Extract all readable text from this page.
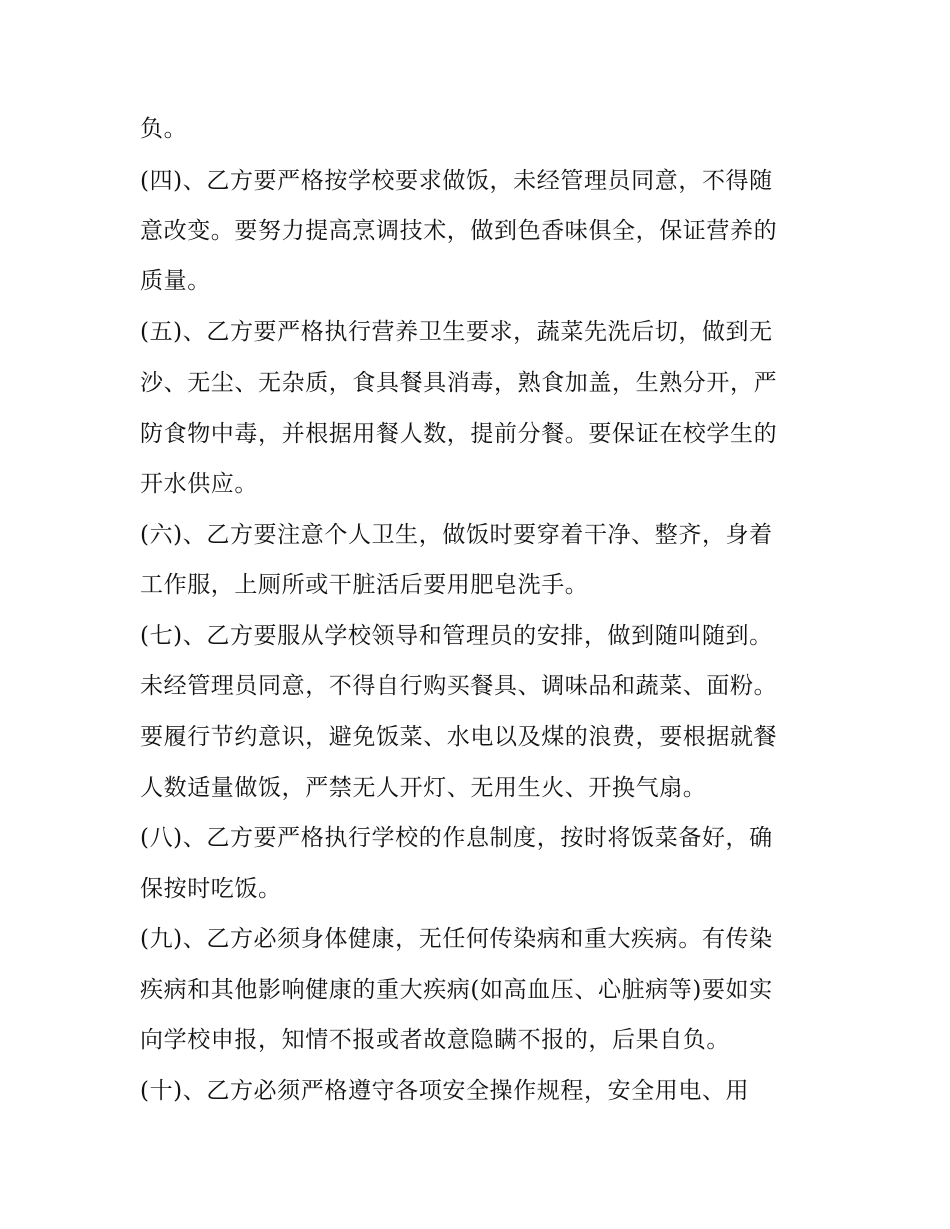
负。
(四)、乙方要严格按学校要求做饭，未经管理员同意，不得随
意改变。要努力提高烹调技术，做到色香味俱全，保证营养的
质量。
(五)、乙方要严格执行营养卫生要求，蔬菜先洗后切，做到无
沙、无尘、无杂质，食具餐具消毒，熟食加盖，生熟分开，严
防食物中毒，并根据用餐人数，提前分餐。要保证在校学生的
开水供应。
(六)、乙方要注意个人卫生，做饭时要穿着干净、整齐，身着
工作服，上厕所或干脏活后要用肥皂洗手。
(七)、乙方要服从学校领导和管理员的安排，做到随叫随到。
未经管理员同意，不得自行购买餐具、调味品和蔬菜、面粉。
要履行节约意识，避免饭菜、水电以及煤的浪费，要根据就餐
人数适量做饭，严禁无人开灯、无用生火、开换气扇。
(八)、乙方要严格执行学校的作息制度，按时将饭菜备好，确
保按时吃饭。
(九)、乙方必须身体健康，无任何传染病和重大疾病。有传染
疾病和其他影响健康的重大疾病(如高血压、心脏病等)要如实
向学校申报，知情不报或者故意隐瞒不报的，后果自负。
(十)、乙方必须严格遵守各项安全操作规程，安全用电、用
